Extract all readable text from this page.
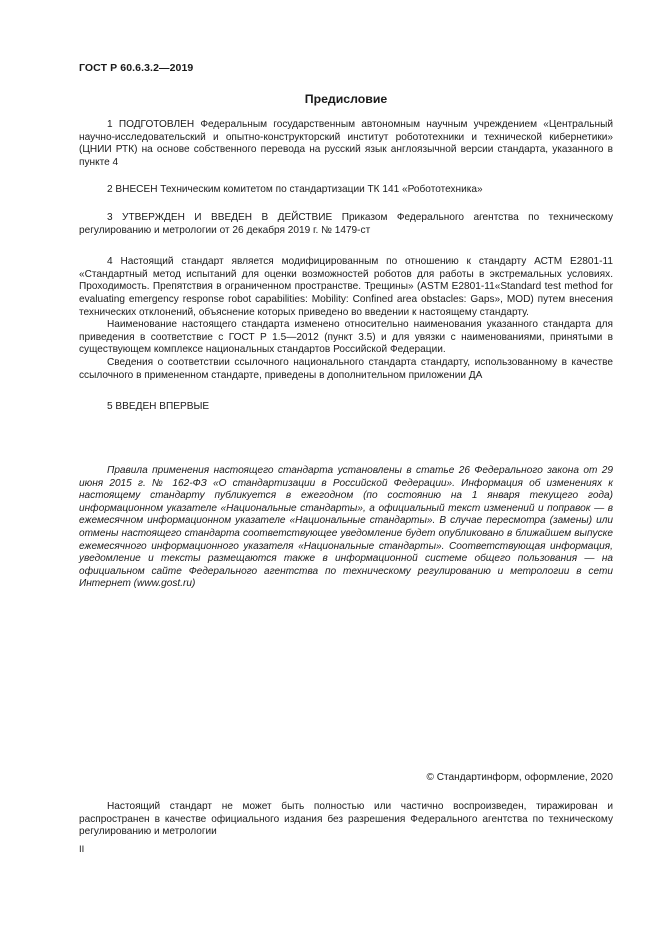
ГОСТ Р 60.6.3.2—2019
Предисловие

1 ПОДГОТОВЛЕН Федеральным государственным автономным научным учреждением «Центральный научно-исследовательский и опытно-конструкторский институт робототехники и технической кибернетики» (ЦНИИ РТК) на основе собственного перевода на русский язык англоязычной версии стандарта, указанного в пункте 4

2 ВНЕСЕН Техническим комитетом по стандартизации ТК 141 «Робототехника»

3 УТВЕРЖДЕН И ВВЕДЕН В ДЕЙСТВИЕ Приказом Федерального агентства по техническому регулированию и метрологии от 26 декабря 2019 г. № 1479-ст

4 Настоящий стандарт является модифицированным по отношению к стандарту АСТМ Е2801-11 «Стандартный метод испытаний для оценки возможностей роботов для работы в экстремальных условиях. Проходимость. Препятствия в ограниченном пространстве. Трещины» (ASTM E2801-11«Standard test method for evaluating emergency response robot capabilities: Mobility: Confined area obstacles: Gaps», MOD) путем внесения технических отклонений, объяснение которых приведено во введении к настоящему стандарту.

Наименование настоящего стандарта изменено относительно наименования указанного стандарта для приведения в соответствие с ГОСТ Р 1.5—2012 (пункт 3.5) и для увязки с наименованиями, принятыми в существующем комплексе национальных стандартов Российской Федерации.

Сведения о соответствии ссылочного национального стандарта стандарту, использованному в качестве ссылочного в примененном стандарте, приведены в дополнительном приложении ДА

5 ВВЕДЕН ВПЕРВЫЕ

Правила применения настоящего стандарта установлены в статье 26 Федерального закона от 29 июня 2015 г. № 162-ФЗ «О стандартизации в Российской Федерации». Информация об изменениях к настоящему стандарту публикуется в ежегодном (по состоянию на 1 января текущего года) информационном указателе «Национальные стандарты», а официальный текст изменений и поправок — в ежемесячном информационном указателе «Национальные стандарты». В случае пересмотра (замены) или отмены настоящего стандарта соответствующее уведомление будет опубликовано в ближайшем выпуске ежемесячного информационного указателя «Национальные стандарты». Соответствующая информация, уведомление и тексты размещаются также в информационной системе общего пользования — на официальном сайте Федерального агентства по техническому регулированию и метрологии в сети Интернет (www.gost.ru)

© Стандартинформ, оформление, 2020

Настоящий стандарт не может быть полностью или частично воспроизведен, тиражирован и распространен в качестве официального издания без разрешения Федерального агентства по техническому регулированию и метрологии

II
